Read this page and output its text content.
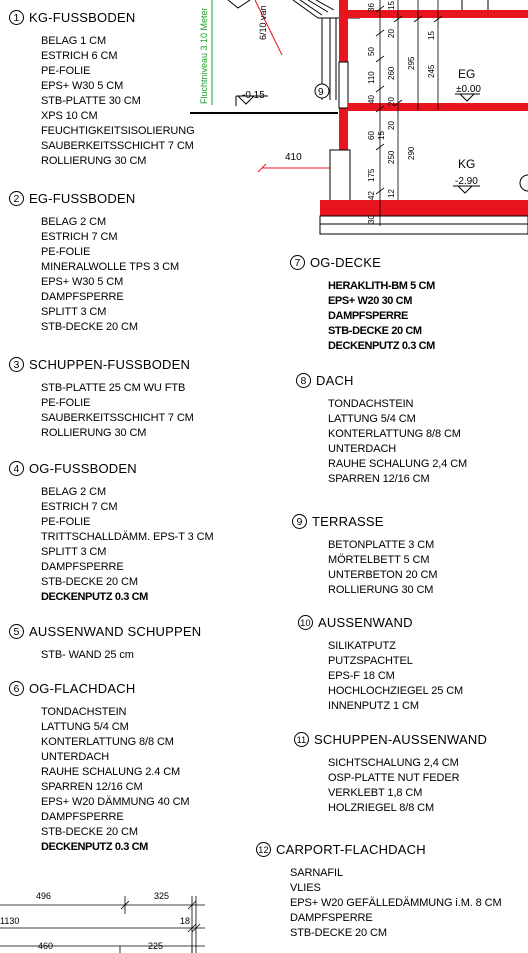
Fluchtniveau 3.10 Meter	6/10 van
-0.15	9
410
36 15
50
20	15
260
295
245
110
40 20
60 15
20
250 290
175
12
42
30
EG
±0.00
KG
-2.90
496	325
1130	18
460	225
1 KG-FUSSBODEN
BELAG 1 CM
ESTRICH 6 CM
PE-FOLIE
EPS+ W30 5 CM
STB-PLATTE 30 CM
XPS 10 CM
FEUCHTIGKEITSISOLIERUNG
SAUBERKEITSSCHICHT 7 CM
ROLLIERUNG 30 CM
2 EG-FUSSBODEN
BELAG 2 CM
ESTRICH 7 CM
PE-FOLIE
MINERALWOLLE TPS 3 CM
EPS+ W30 5 CM
DAMPFSPERRE
SPLITT 3 CM
STB-DECKE 20 CM
3 SCHUPPEN-FUSSBODEN
STB-PLATTE 25 CM WU FTB
PE-FOLIE
SAUBERKEITSSCHICHT 7 CM
ROLLIERUNG 30 CM
4 OG-FUSSBODEN
BELAG 2 CM
ESTRICH 7 CM
PE-FOLIE
TRITTSCHALLDÄMM. EPS-T 3 CM
SPLITT 3 CM
DAMPFSPERRE
STB-DECKE 20 CM
DECKENPUTZ 0.3 CM
5 AUSSENWAND SCHUPPEN
STB- WAND 25 cm
6 OG-FLACHDACH
TONDACHSTEIN
LATTUNG 5/4 CM
KONTERLATTUNG 8/8 CM
UNTERDACH
RAUHE SCHALUNG 2.4 CM
SPARREN 12/16 CM
EPS+ W20 DÄMMUNG 40 CM
DAMPFSPERRE
STB-DECKE 20 CM
DECKENPUTZ 0.3 CM
7 OG-DECKE
HERAKLITH-BM 5 CM
EPS+ W20 30 CM
DAMPFSPERRE
STB-DECKE 20 CM
DECKENPUTZ 0.3 CM
8 DACH
TONDACHSTEIN
LATTUNG 5/4 CM
KONTERLATTUNG 8/8 CM
UNTERDACH
RAUHE SCHALUNG 2,4 CM
SPARREN 12/16 CM
9 TERRASSE
BETONPLATTE 3 CM
MÖRTELBETT 5 CM
UNTERBETON 20 CM
ROLLIERUNG 30 CM
10 AUSSENWAND
SILIKATPUTZ
PUTZSPACHTEL
EPS-F 18 CM
HOCHLOCHZIEGEL 25 CM
INNENPUTZ 1 CM
11 SCHUPPEN-AUSSENWAND
SICHTSCHALUNG 2,4 CM
OSP-PLATTE NUT FEDER
VERKLEBT 1,8 CM
HOLZRIEGEL 8/8 CM
12 CARPORT-FLACHDACH
SARNAFIL
VLIES
EPS+ W20 GEFÄLLEDÄMMUNG i.M. 8 CM
DAMPFSPERRE
STB-DECKE 20 CM
